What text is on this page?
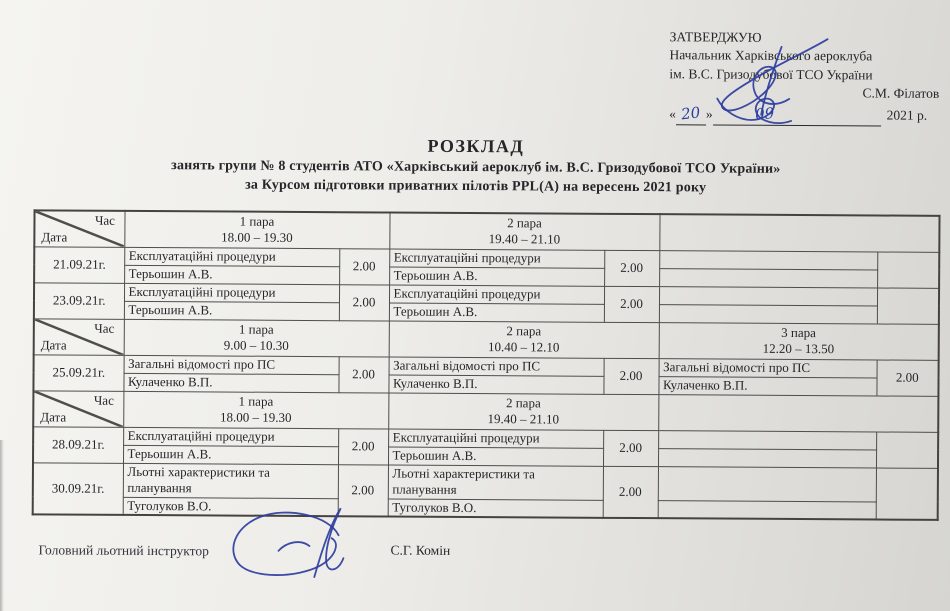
ЗАТВЕРДЖУЮ
Начальник Харківського аероклуба
ім. В.С. Гризодубової ТСО України
С.М. Філатов
« 20 »	09	2021 р.
РОЗКЛАД
занять групи № 8 студентів АТО «Харківський аероклуб ім. В.С. Гризодубової ТСО України»
за Курсом підготовки приватних пілотів PPL(A) на вересень 2021 року
Час
Дата

1 пара
18.00 – 19.30

2 пара
19.40 – 21.10

21.09.21г.	Експлуатаційні процедури	2.00	Експлуатаційні процедури	2.00		
	Терьошин А.В.		Терьошин А.В.			
23.09.21г.	Експлуатаційні процедури	2.00	Експлуатаційні процедури	2.00		
	Терьошин А.В.		Терьошин А.В.			

Час
Дата

1 пара
9.00 – 10.30

2 пара
10.40 – 12.10

3 пара
12.20 – 13.50

25.09.21г.	Загальні відомості про ПС	2.00	Загальні відомості про ПС	2.00	Загальні відомості про ПС	2.00
	Кулаченко В.П.		Кулаченко В.П.		Кулаченко В.П.	

Час
Дата

1 пара
18.00 – 19.30

2 пара
19.40 – 21.10

28.09.21г.	Експлуатаційні процедури	2.00	Експлуатаційні процедури	2.00		
	Терьошин А.В.		Терьошин А.В.			
30.09.21г.	Льотні характеристики та планування	2.00	Льотні характеристики та планування	2.00		
	Туголуков В.О.		Туголуков В.О.			
Головний льотний інструктор	С.Г. Комін
